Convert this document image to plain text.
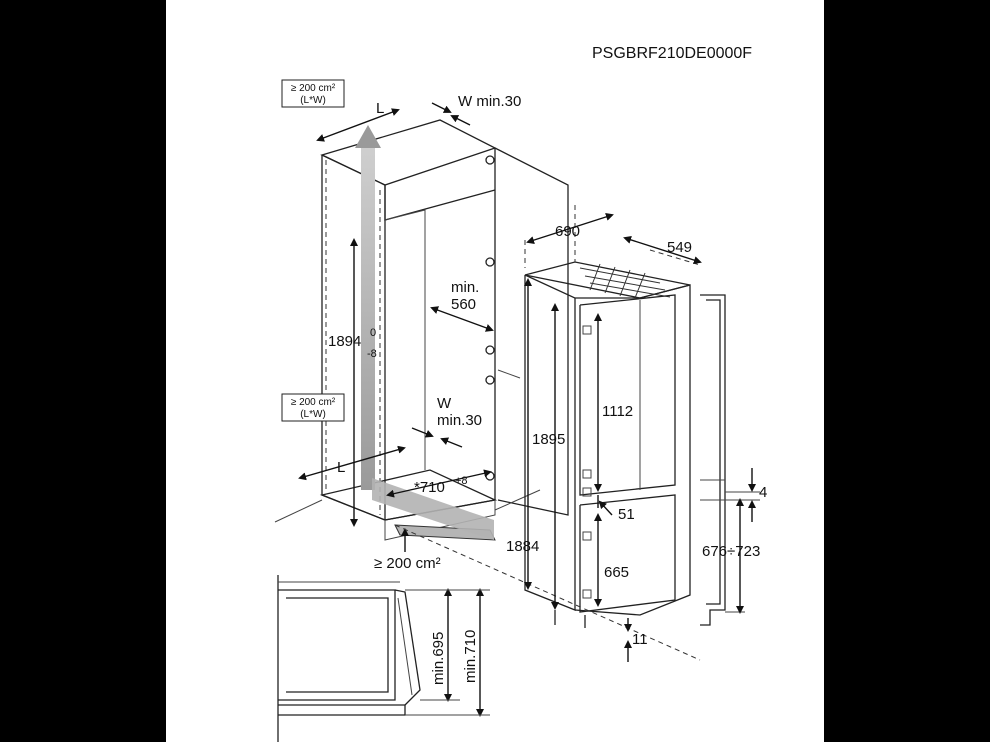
PSGBRF210DE0000F
≥ 200 cm²
(L*W)
≥ 200 cm²
(L*W)
≥ 200 cm²
L	W min.30
1894 0
-8
min.
560
W
min.30
L
*710 +8
690
549
1895
1884
1112
51
665
11
4
676÷723
min.695 min.710
